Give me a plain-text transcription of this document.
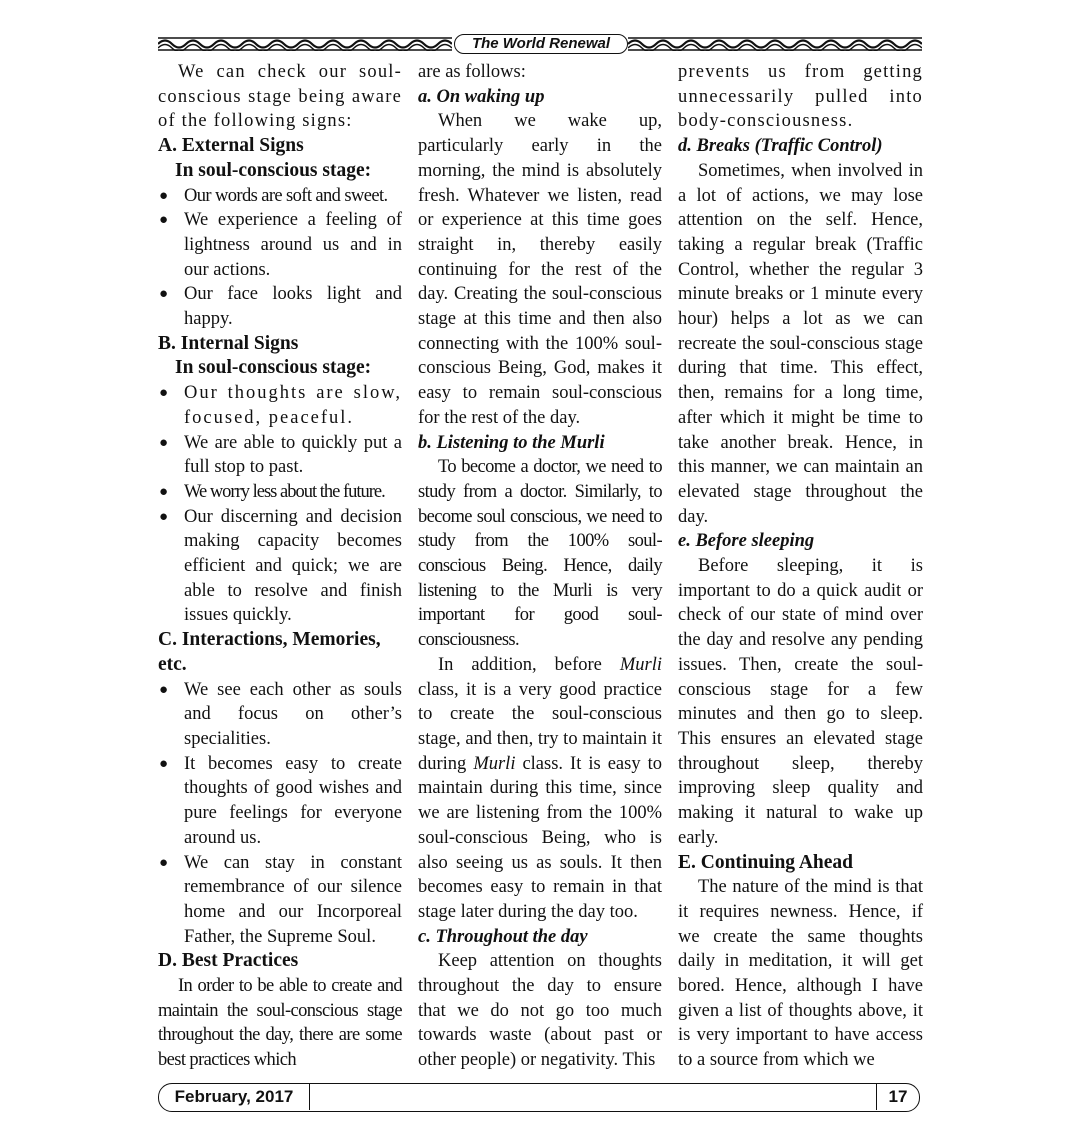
The World Renewal

We can check our soul-conscious stage being aware of the following signs:

A. External Signs

In soul-conscious stage:

● Our words are soft and sweet.

● We experience a feeling of lightness around us and in our actions.

● Our face looks light and happy.

B. Internal Signs

In soul-conscious stage:

● Our thoughts are slow, focused, peaceful.

● We are able to quickly put a full stop to past.

● We worry less about the future.

● Our discerning and decision making capacity becomes efficient and quick; we are able to resolve and finish issues quickly.

C. Interactions, Memories, etc.

● We see each other as souls and focus on other’s specialities.

● It becomes easy to create thoughts of good wishes and pure feelings for everyone around us.

● We can stay in constant remembrance of our silence home and our Incorporeal Father, the Supreme Soul.

D. Best Practices

In order to be able to create and maintain the soul-conscious stage throughout the day, there are some best practices which

are as follows:

a. On waking up

When we wake up, particularly early in the morning, the mind is absolutely fresh. Whatever we listen, read or experience at this time goes straight in, thereby easily continuing for the rest of the day. Creating the soul-conscious stage at this time and then also connecting with the 100% soul-conscious Being, God, makes it easy to remain soul-conscious for the rest of the day.

b. Listening to the Murli

To become a doctor, we need to study from a doctor. Similarly, to become soul conscious, we need to study from the 100% soul-conscious Being. Hence, daily listening to the Murli is very important for good soul-consciousness.

In addition, before Murli class, it is a very good practice to create the soul-conscious stage, and then, try to maintain it during Murli class. It is easy to maintain during this time, since we are listening from the 100% soul-conscious Being, who is also seeing us as souls. It then becomes easy to remain in that stage later during the day too.

c. Throughout the day

Keep attention on thoughts throughout the day to ensure that we do not go too much towards waste (about past or other people) or negativity. This

prevents us from getting unnecessarily pulled into body-consciousness.

d. Breaks (Traffic Control)

Sometimes, when involved in a lot of actions, we may lose attention on the self. Hence, taking a regular break (Traffic Control, whether the regular 3 minute breaks or 1 minute every hour) helps a lot as we can recreate the soul-conscious stage during that time. This effect, then, remains for a long time, after which it might be time to take another break. Hence, in this manner, we can maintain an elevated stage throughout the day.

e. Before sleeping

Before sleeping, it is important to do a quick audit or check of our state of mind over the day and resolve any pending issues. Then, create the soul-conscious stage for a few minutes and then go to sleep. This ensures an elevated stage throughout sleep, thereby improving sleep quality and making it natural to wake up early.

E. Continuing Ahead

The nature of the mind is that it requires newness. Hence, if we create the same thoughts daily in meditation, it will get bored. Hence, although I have given a list of thoughts above, it is very important to have access to a source from which we

February, 2017	17
